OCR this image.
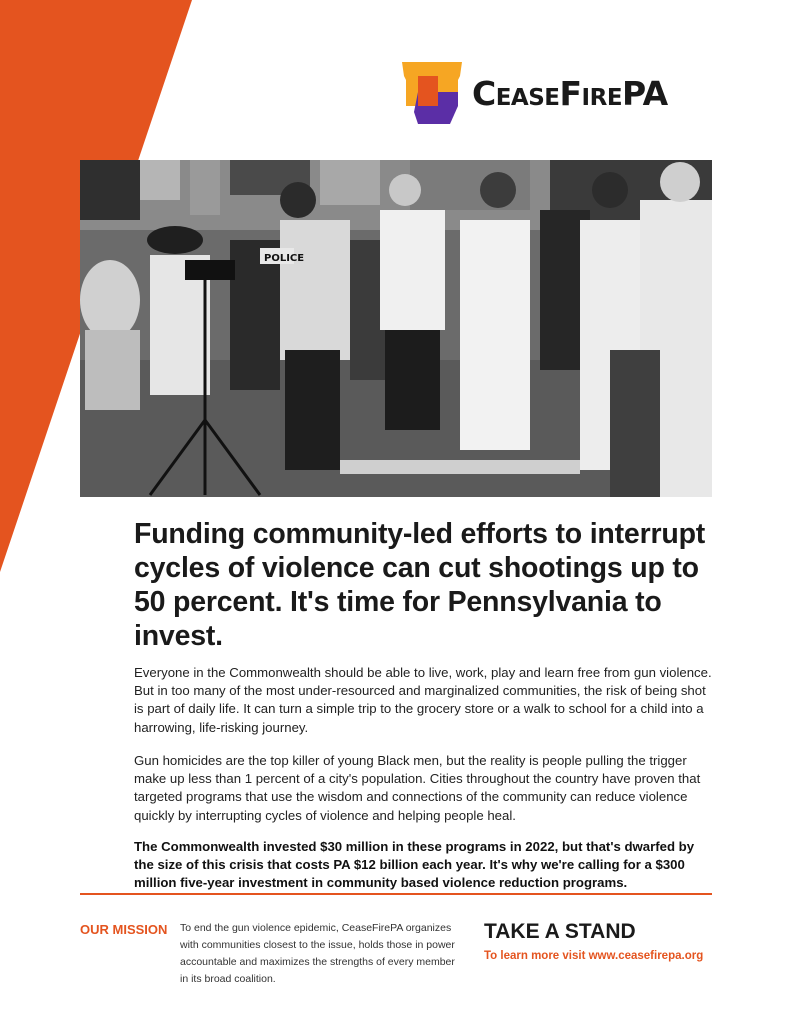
CeaseFirePA
POLICE
Funding community-led efforts to interrupt cycles of violence can cut shootings up to 50 percent. It's time for Pennsylvania to invest.

Everyone in the Commonwealth should be able to live, work, play and learn free from gun violence. But in too many of the most under-resourced and marginalized communities, the risk of being shot is part of daily life. It can turn a simple trip to the grocery store or a walk to school for a child into a harrowing, life-risking journey.

Gun homicides are the top killer of young Black men, but the reality is people pulling the trigger make up less than 1 percent of a city's population. Cities throughout the country have proven that targeted programs that use the wisdom and connections of the community can reduce violence quickly by interrupting cycles of violence and helping people heal.

The Commonwealth invested $30 million in these programs in 2022, but that's dwarfed by the size of this crisis that costs PA $12 billion each year. It's why we're calling for a $300 million five-year investment in community based violence reduction programs.

OUR MISSION To end the gun violence epidemic, CeaseFirePA organizes with communities closest to the issue, holds those in power accountable and maximizes the strengths of every member in its broad coalition.

TAKE A STAND
To learn more visit www.ceasefirepa.org
